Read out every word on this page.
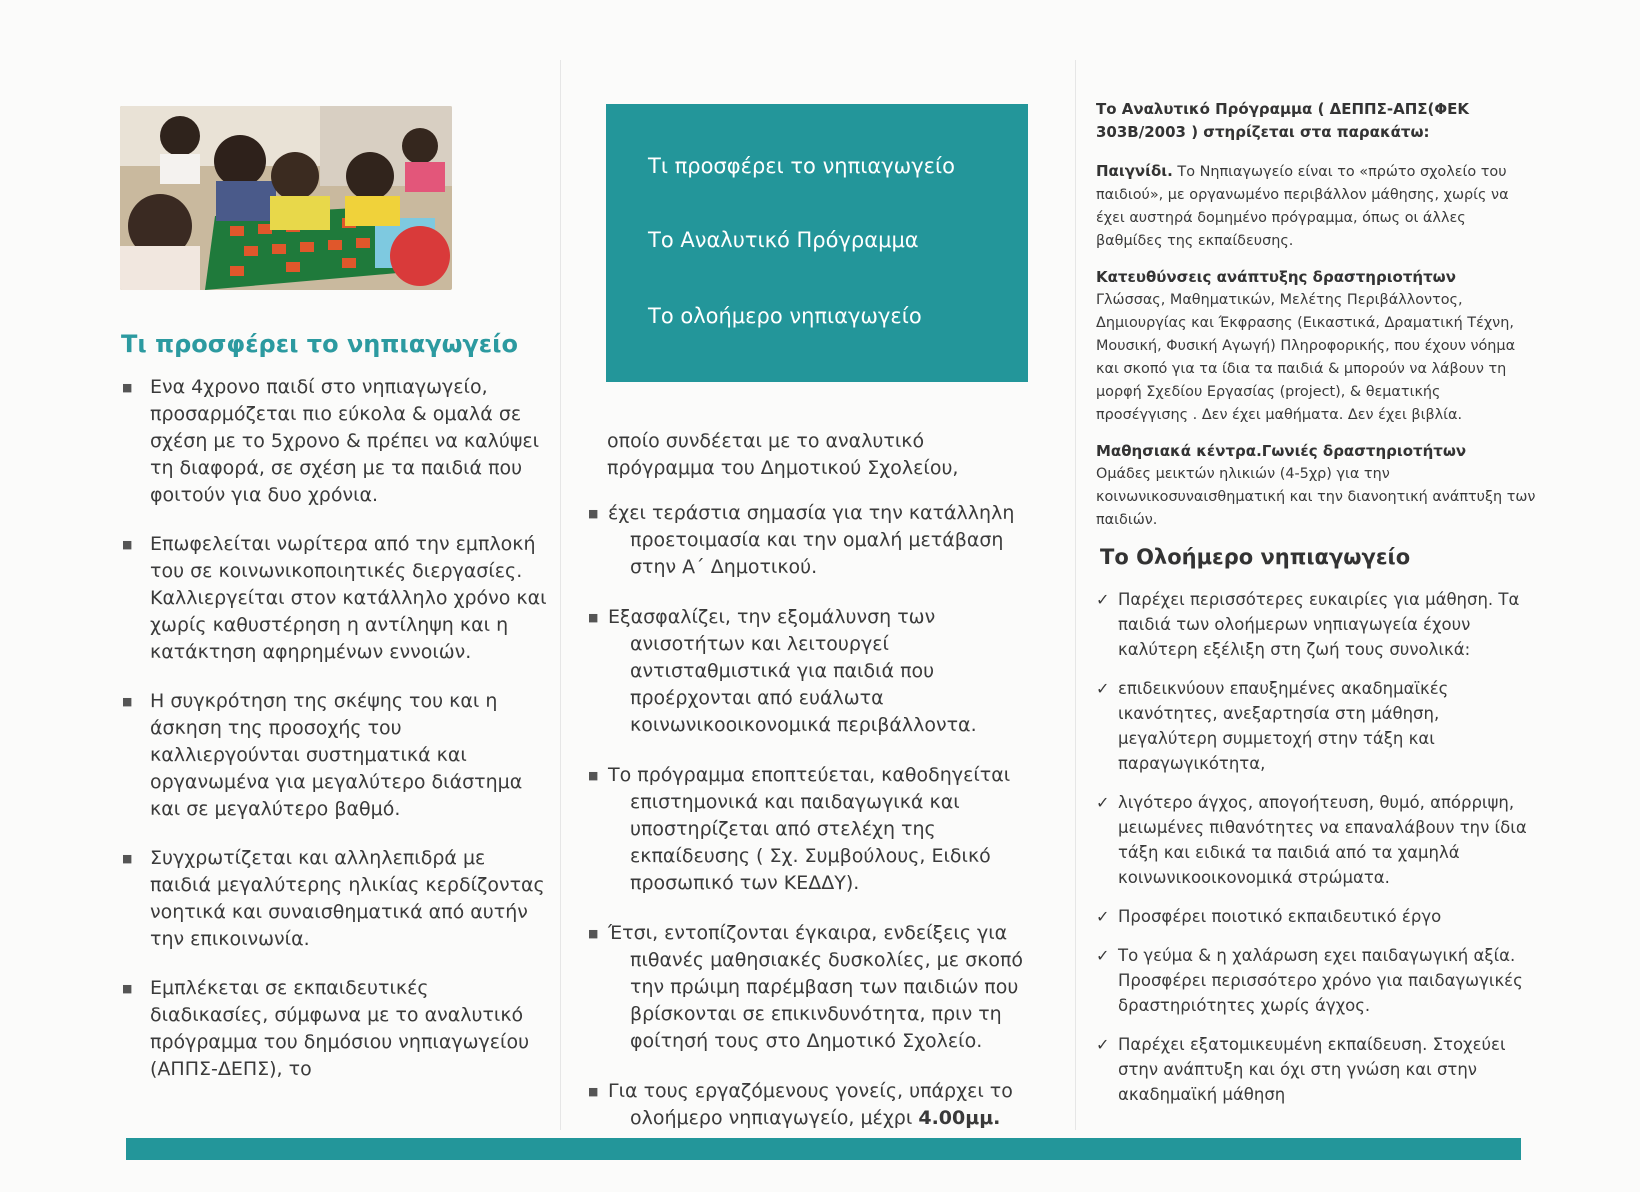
Τι προσφέρει το νηπιαγωγείο
■ Ενα 4χρονο παιδί στο νηπιαγωγείο, προσαρμόζεται πιο εύκολα & ομαλά σε σχέση με το 5χρονο & πρέπει να καλύψει τη διαφορά, σε σχέση με τα παιδιά που φοιτούν για δυο χρόνια.
■ Επωφελείται νωρίτερα από την εμπλοκή του σε κοινωνικοποιητικές διεργασίες. Καλλιεργείται στον κατάλληλο χρόνο και χωρίς καθυστέρηση η αντίληψη και η κατάκτηση αφηρημένων εννοιών.
■ Η συγκρότηση της σκέψης του και η άσκηση της προσοχής του καλλιεργούνται συστηματικά και οργανωμένα για μεγαλύτερο διάστημα και σε μεγαλύτερο βαθμό.
■ Συγχρωτίζεται και αλληλεπιδρά με παιδιά μεγαλύτερης ηλικίας κερδίζοντας νοητικά και συναισθηματικά από αυτήν την επικοινωνία.
■ Εμπλέκεται σε εκπαιδευτικές διαδικασίες, σύμφωνα με το αναλυτικό πρόγραμμα του δημόσιου νηπιαγωγείου (ΑΠΠΣ-ΔΕΠΣ), το
Τι προσφέρει το νηπιαγωγείο
Το Αναλυτικό Πρόγραμμα
Το ολοήμερο νηπιαγωγείο
οποίο συνδέεται με το αναλυτικό
πρόγραμμα του Δημοτικού Σχολείου,
■ έχει τεράστια σημασία για την κατάλληλη
προετοιμασία και την ομαλή μετάβαση στην Α΄ Δημοτικού.
■ Εξασφαλίζει, την εξομάλυνση των
ανισοτήτων και λειτουργεί αντισταθμιστικά για παιδιά που προέρχονται από ευάλωτα κοινωνικοοικονομικά περιβάλλοντα.
■ Το πρόγραμμα εποπτεύεται, καθοδηγείται
επιστημονικά και παιδαγωγικά και υποστηρίζεται από στελέχη της εκπαίδευσης ( Σχ. Συμβούλους, Ειδικό προσωπικό των ΚΕΔΔΥ).
■ Έτσι, εντοπίζονται έγκαιρα, ενδείξεις για
πιθανές μαθησιακές δυσκολίες, με σκοπό την πρώιμη παρέμβαση των παιδιών που βρίσκονται σε επικινδυνότητα, πριν τη φοίτησή τους στο Δημοτικό Σχολείο.
■ Για τους εργαζόμενους γονείς, υπάρχει το
ολοήμερο νηπιαγωγείο, μέχρι 4.00μμ.

Το Αναλυτικό Πρόγραμμα ( ΔΕΠΠΣ-ΑΠΣ(ΦΕΚ 303Β/2003 ) στηρίζεται στα παρακάτω:

Παιγνίδι. Το Νηπιαγωγείο είναι το «πρώτο σχολείο του παιδιού», με οργανωμένο περιβάλλον μάθησης, χωρίς να έχει αυστηρά δομημένο πρόγραμμα, όπως οι άλλες βαθμίδες της εκπαίδευσης.

Κατευθύνσεις ανάπτυξης δραστηριοτήτων
Γλώσσας, Μαθηματικών, Μελέτης Περιβάλλοντος, Δημιουργίας και Έκφρασης (Εικαστικά, Δραματική Τέχνη, Μουσική, Φυσική Αγωγή) Πληροφορικής, που έχουν νόημα και σκοπό για τα ίδια τα παιδιά & μπορούν να λάβουν τη μορφή Σχεδίου Εργασίας (project), & θεματικής προσέγγισης . Δεν έχει μαθήματα. Δεν έχει βιβλία.

Μαθησιακά κέντρα.Γωνιές δραστηριοτήτων
Ομάδες μεικτών ηλικιών (4-5χρ) για την κοινωνικοσυναισθηματική και την διανοητική ανάπτυξη των παιδιών.

Το Ολοήμερο νηπιαγωγείο
✓ Παρέχει περισσότερες ευκαιρίες για μάθηση. Τα παιδιά των ολοήμερων νηπιαγωγεία έχουν καλύτερη εξέλιξη στη ζωή τους συνολικά:
✓ επιδεικνύουν επαυξημένες ακαδημαϊκές ικανότητες, ανεξαρτησία στη μάθηση, μεγαλύτερη συμμετοχή στην τάξη και παραγωγικότητα,
✓ λιγότερο άγχος, απογοήτευση, θυμό, απόρριψη, μειωμένες πιθανότητες να επαναλάβουν την ίδια τάξη και ειδικά τα παιδιά από τα χαμηλά κοινωνικοοικονομικά στρώματα.
✓ Προσφέρει ποιοτικό εκπαιδευτικό έργο
✓ Το γεύμα & η χαλάρωση εχει παιδαγωγική αξία. Προσφέρει περισσότερο χρόνο για παιδαγωγικές δραστηριότητες χωρίς άγχος.
✓ Παρέχει εξατομικευμένη εκπαίδευση. Στοχεύει στην ανάπτυξη και όχι στη γνώση και στην ακαδημαϊκή μάθηση
